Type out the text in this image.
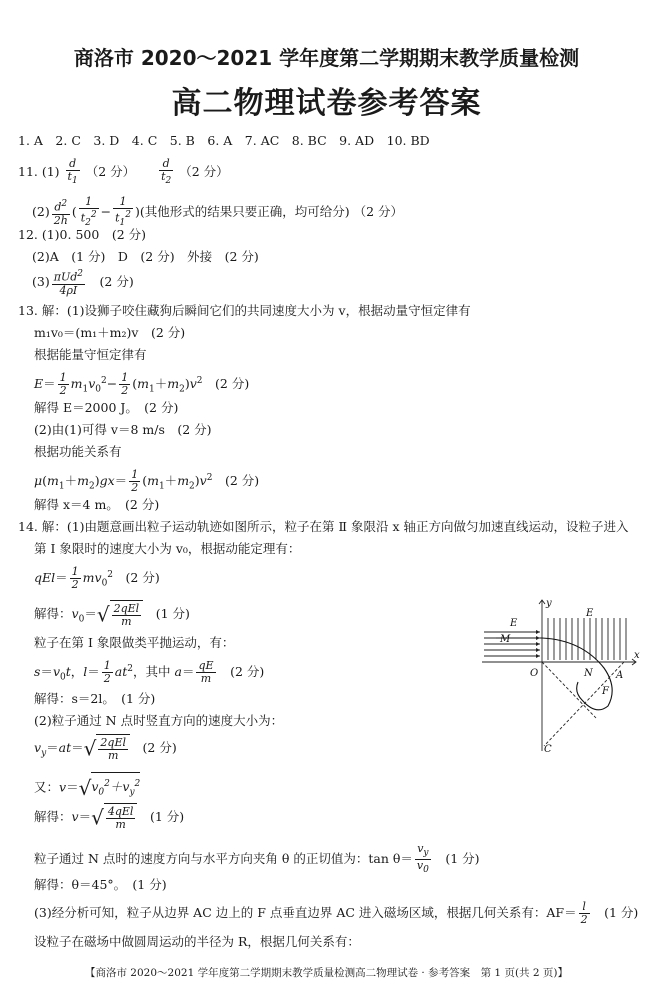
商洛市 2020～2021 学年度第二学期期末教学质量检测
高二物理试卷参考答案
1. A　2. C　3. D　4. C　5. B　6. A　7. AC　8. BC　9. AD　10. BD
11. $(1) \frac{d}{t_1} (2$ 分） $\frac{d}{t_2} (2$ 分）
$(2) \frac{d^2}{2h}$ ( $\frac{1}{t_2^2} - \frac{1}{t_1^2}$ )(其他形式的结果只要正确，均可给分) （2 分）
12. (1)0. 500　(2 分)
(2)A　(1 分)　D　(2 分)　外接　(2 分)
$(3) \frac{\pi Ud^2}{4\rho I}$
　 (2 分)
13. 解：(1)设狮子咬住藏狗后瞬间它们的共同速度大小为 v，根据动量守恒定律有
m₁v₀＝(m₁＋m₂)v　(2 分)
根据能量守恒定律有
$E= \frac{1}{2} m_1v_0^2- \frac{1}{2} (m_1+m_2)v^2$　 (2 分)
解得 E＝2000 J。　(2 分)
(2)由(1)可得 v＝8 m/s　(2 分)
根据功能关系有
$\mu(m_1+m_2)gx= \frac{1}{2} (m_1+m_2)v^2$　 (2 分)
解得 x＝4 m。　(2 分)
14. 解：(1)由题意画出粒子运动轨迹如图所示，粒子在第 Ⅱ 象限沿 x 轴正方向做匀加速直线运动，设粒子进入
第 Ⅰ 象限时的速度大小为 v₀，根据动能定理有：
$qEl= \frac{1}{2} mv_0^2$　 (2 分)
解得：$v_0=√ \frac{\text{2qEl}}{m}$
　 (1 分)
粒子在第 Ⅰ 象限做类平抛运动，有：
$s=v_0t$，$l= \frac{1}{2} at^2$，其中 $a= \frac{qE}{m}$
　 (2 分)
解得：s＝2l。　(1 分)
(2)粒子通过 N 点时竖直方向的速度大小为：
$v_y=at=√ \frac{\text{2qEl}}{m}$
　 (2 分)
又：$v=√v_0^2+v_y^2$
解得：$v=√ \frac{\text{4qEl}}{m}$
　 (1 分)
粒子通过 N 点时的速度方向与水平方向夹角 θ 的正切值为：$\tan \theta= \frac{v_y}{v_0}$
　 (1 分)
解得：θ＝45°。　(1 分)
(3)经分析可知，粒子从边界 AC 边上的 F 点垂直边界 AC 进入磁场区域，根据几何关系有：$AF= \frac{l}{2}$
　 (1 分)
设粒子在磁场中做圆周运动的半径为 R，根据几何关系有：
E
E
M
O	N A
F
C
x
y
【商洛市 2020～2021 学年度第二学期期末教学质量检测高二物理试卷 · 参考答案　第 1 页(共 2 页)】
